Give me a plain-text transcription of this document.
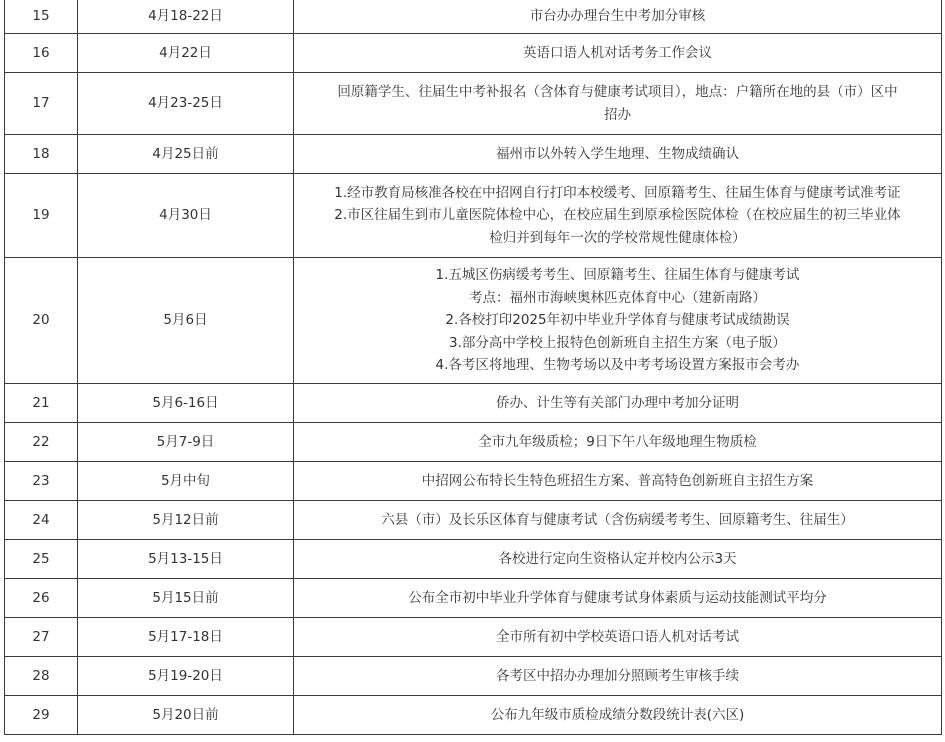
15	4月18-22日	市台办办理台生中考加分审核

16	4月22日	英语口语人机对话考务工作会议

17	4月23-25日	回原籍学生、往届生中考补报名（含体育与健康考试项目），地点：户籍所在地的县（市）区中
招办

18	4月25日前	福州市以外转入学生地理、生物成绩确认

19	4月30日	1.经市教育局核准各校在中招网自行打印本校缓考、回原籍考生、往届生体育与健康考试准考证
2.市区往届生到市儿童医院体检中心，在校应届生到原承检医院体检（在校应届生的初三毕业体
检归并到每年一次的学校常规性健康体检）

20	5月6日	1.五城区伤病缓考考生、回原籍考生、往届生体育与健康考试
考点：福州市海峡奥林匹克体育中心（建新南路）
2.各校打印2025年初中毕业升学体育与健康考试成绩勘误
3.部分高中学校上报特色创新班自主招生方案（电子版）
4.各考区将地理、生物考场以及中考考场设置方案报市会考办

21	5月6-16日	侨办、计生等有关部门办理中考加分证明

22	5月7-9日	全市九年级质检；9日下午八年级地理生物质检

23	5月中旬	中招网公布特长生特色班招生方案、普高特色创新班自主招生方案

24	5月12日前	六县（市）及长乐区体育与健康考试（含伤病缓考考生、回原籍考生、往届生）

25	5月13-15日	各校进行定向生资格认定并校内公示3天

26	5月15日前	公布全市初中毕业升学体育与健康考试身体素质与运动技能测试平均分

27	5月17-18日	全市所有初中学校英语口语人机对话考试

28	5月19-20日	各考区中招办办理加分照顾考生审核手续

29	5月20日前	公布九年级市质检成绩分数段统计表(六区)
